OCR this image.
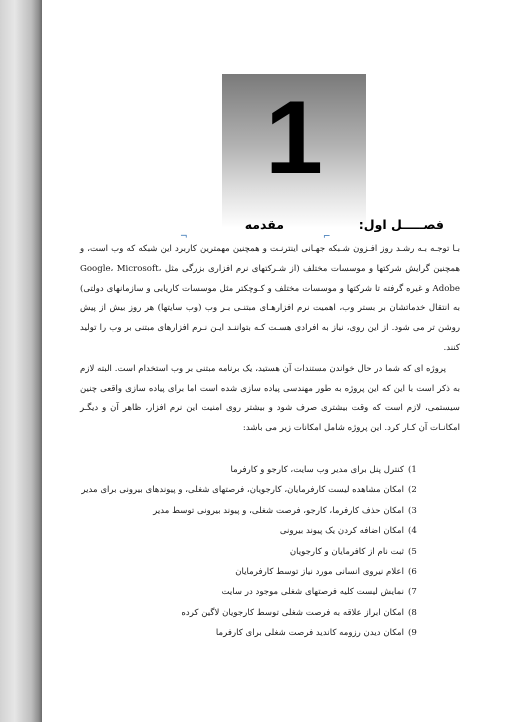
1
فصـــــل اول:
مقدمه
⌐
¬

بـا توجـه بـه رشـد روز افـزون شـبکه جهـانی اینترنـت و همچنین مهمترین کاربرد این شبکه که وب است، و همچنین گرایش شرکتها و موسسات مختلف (از شـرکتهای نرم افزاری بزرگی مثل Google، Microsoft، Adobe و غیره گرفته تا شرکتها و موسسات مختلف و کـوچکتر مثل موسسات کاریابی و سازمانهای دولتی) به انتقال خدماتشان بر بستر وب، اهمیت نرم افزارهـای مبتنـی بـر وب (وب سایتها) هر روز بیش از پیش روشن تر می شود. از این روی، نیاز به افرادی هسـت کـه بتواننـد ایـن نـرم افزارهای مبتنی بر وب را تولید کنند.

پروژه ای که شما در حال خواندن مستندات آن هستید، یک برنامه مبتنی بر وب استخدام است. البته لازم به ذکر است با این که این پروژه به طور مهندسی پیاده سازی شده است اما برای پیاده سازی واقعی چنین سیستمی، لازم است که وقت بیشتری صرف شود و بیشتر روی امنیت این نرم افزار، ظاهر آن و دیگـر امکانـات آن کـار کرد. این پروژه شامل امکانات زیر می باشد:

1)کنترل پنل برای مدیر وب سایت، کارجو و کارفرما
2)امکان مشاهده لیست کارفرمایان، کارجویان، فرصتهای شغلی، و پیوندهای بیرونی برای مدیر
3)امکان حذف کارفرما، کارجو، فرصت شغلی، و پیوند بیرونی توسط مدیر
4)امکان اضافه کردن یک پیوند بیرونی
5)ثبت نام از کافرمایان و کارجویان
6)اعلام نیروی انسانی مورد نیاز توسط کارفرمایان
7)نمایش لیست کلیه فرصتهای شغلی موجود در سایت
8)امکان ابراز علاقه به فرصت شغلی توسط کارجویان لاگین کرده
9)امکان دیدن رزومه کاندید فرصت شغلی برای کارفرما
